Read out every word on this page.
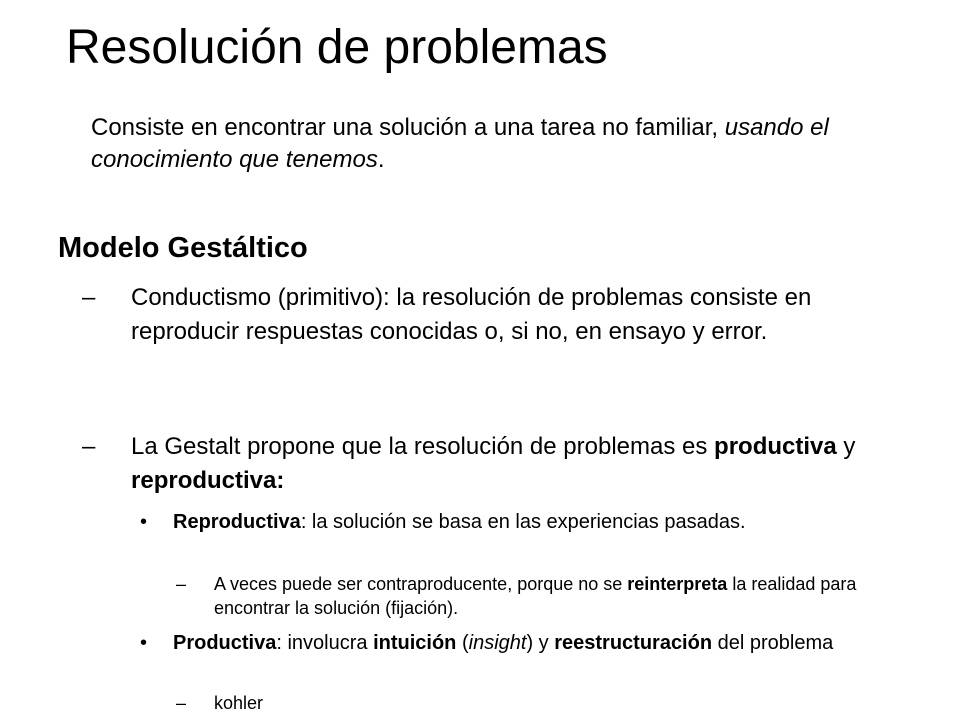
Resolución de problemas
Consiste en encontrar una solución a una tarea no familiar, usando el conocimiento que tenemos.
Modelo Gestáltico
– Conductismo (primitivo): la resolución de problemas consiste en reproducir respuestas conocidas o, si no, en ensayo y error.
– La Gestalt propone que la resolución de problemas es productiva y reproductiva:
• Reproductiva: la solución se basa en las experiencias pasadas.
– A veces puede ser contraproducente, porque no se reinterpreta la realidad para encontrar la solución (fijación).
• Productiva: involucra intuición (insight) y reestructuración del problema
– kohler
